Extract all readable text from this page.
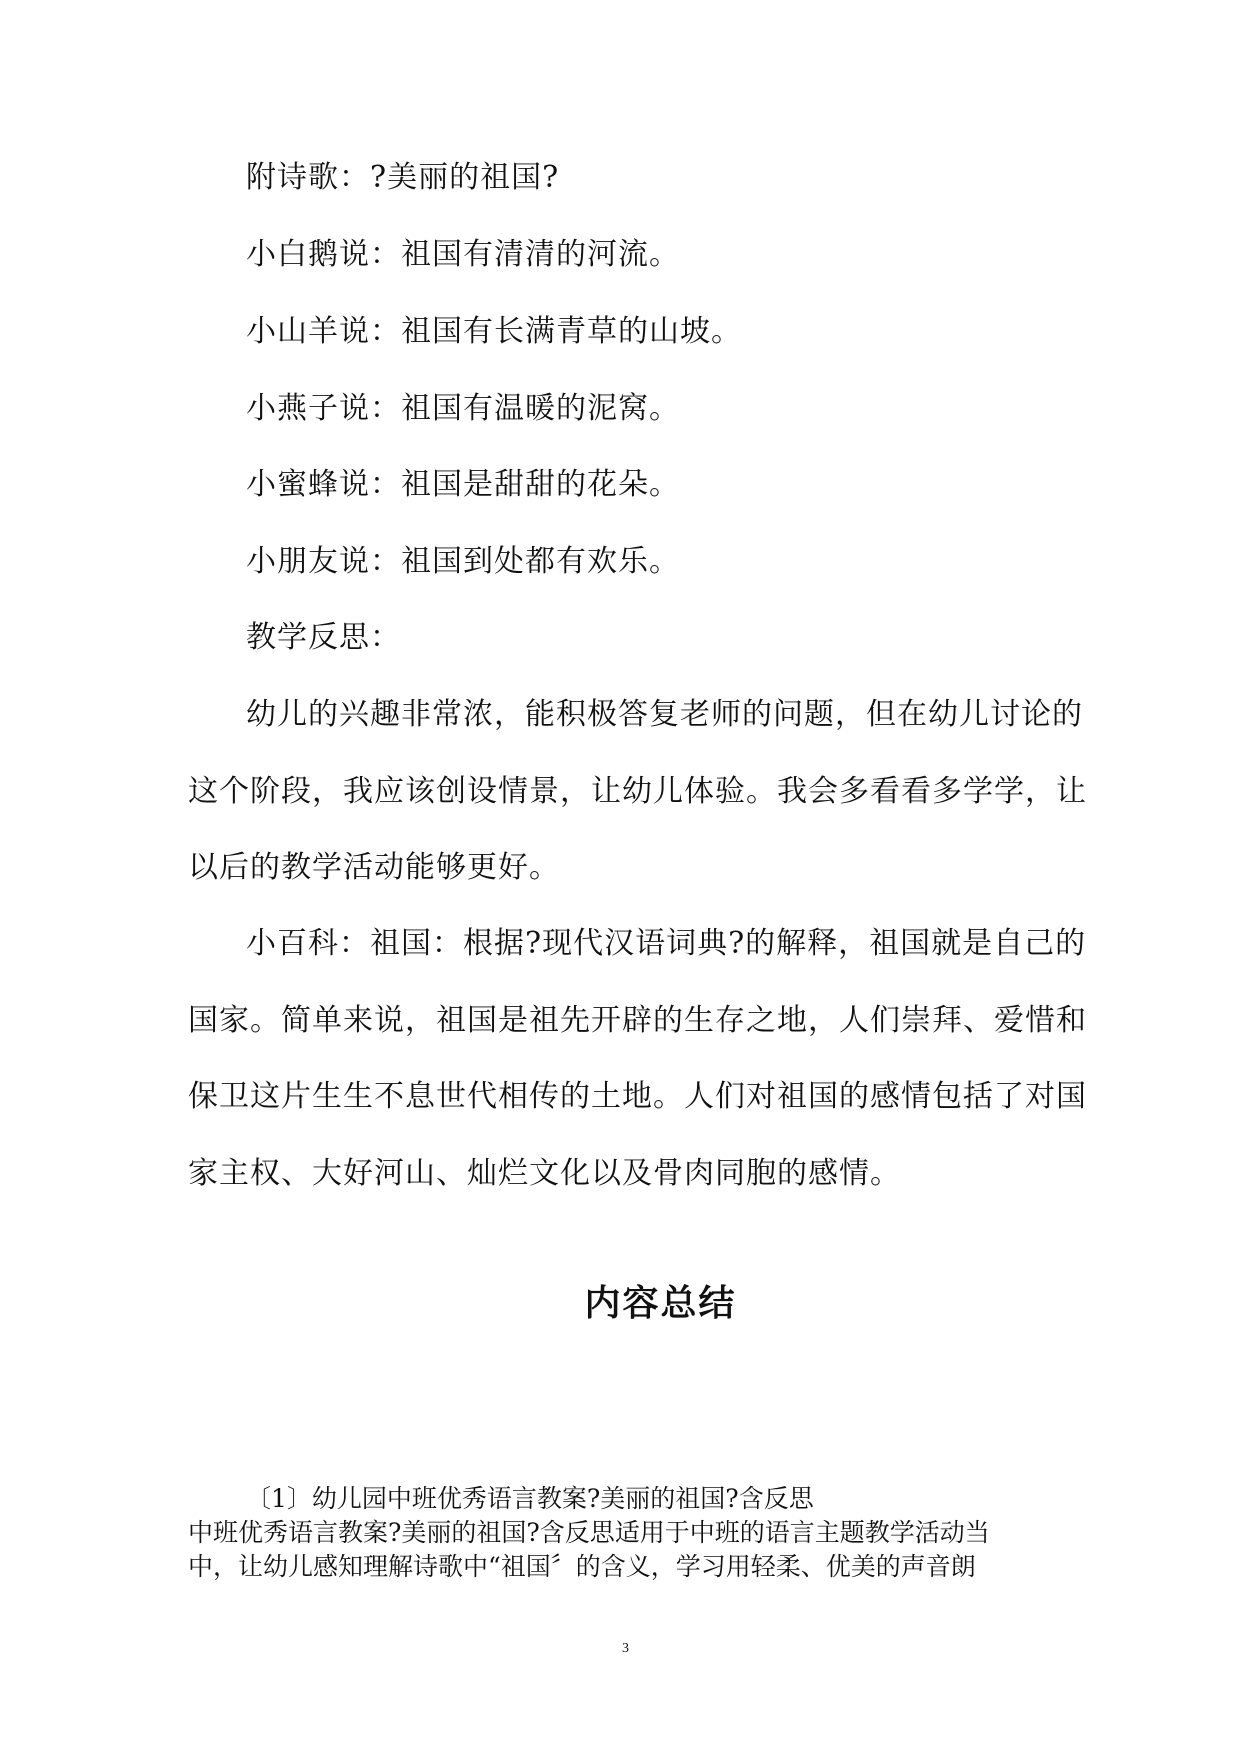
附诗歌：?美丽的祖国?
小白鹅说：祖国有清清的河流。
小山羊说：祖国有长满青草的山坡。
小燕子说：祖国有温暖的泥窝。
小蜜蜂说：祖国是甜甜的花朵。
小朋友说：祖国到处都有欢乐。
教学反思：
幼儿的兴趣非常浓，能积极答复老师的问题，但在幼儿讨论的
这个阶段，我应该创设情景，让幼儿体验。我会多看看多学学，让
以后的教学活动能够更好。
小百科：祖国：根据?现代汉语词典?的解释，祖国就是自己的
国家。简单来说，祖国是祖先开辟的生存之地，人们崇拜、爱惜和
保卫这片生生不息世代相传的土地。人们对祖国的感情包括了对国
家主权、大好河山、灿烂文化以及骨肉同胞的感情。
内容总结
〔1〕幼儿园中班优秀语言教案?美丽的祖国?含反思
中班优秀语言教案?美丽的祖国?含反思适用于中班的语言主题教学活动当
中，让幼儿感知理解诗歌中“祖国〞的含义，学习用轻柔、优美的声音朗
3
